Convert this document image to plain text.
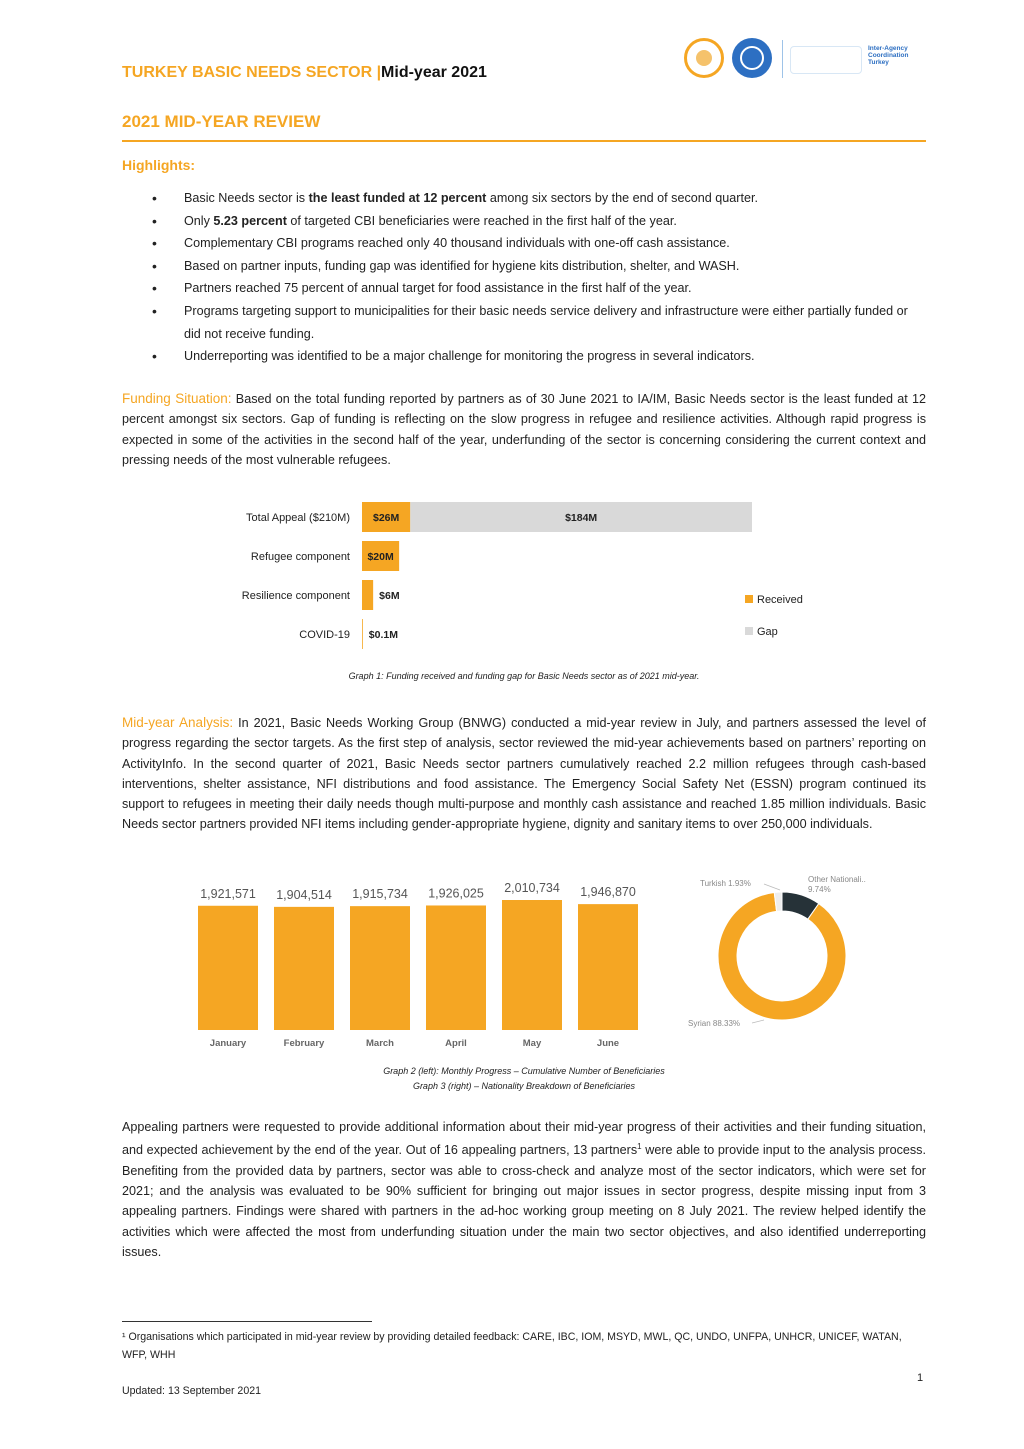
TURKEY BASIC NEEDS SECTOR |Mid-year 2021
Inter-Agency Coordination Turkey
2021 MID-YEAR REVIEW
Highlights:
• Basic Needs sector is the least funded at 12 percent among six sectors by the end of second quarter.
• Only 5.23 percent of targeted CBI beneficiaries were reached in the first half of the year.
• Complementary CBI programs reached only 40 thousand individuals with one-off cash assistance.
• Based on partner inputs, funding gap was identified for hygiene kits distribution, shelter, and WASH.
• Partners reached 75 percent of annual target for food assistance in the first half of the year.
• Programs targeting support to municipalities for their basic needs service delivery and infrastructure were either partially funded or did not receive funding.
• Underreporting was identified to be a major challenge for monitoring the progress in several indicators.
Funding Situation: Based on the total funding reported by partners as of 30 June 2021 to IA/IM, Basic Needs sector is the least funded at 12 percent amongst six sectors. Gap of funding is reflecting on the slow progress in refugee and resilience activities. Although rapid progress is expected in some of the activities in the second half of the year, underfunding of the sector is concerning considering the current context and pressing needs of the most vulnerable refugees.
Total Appeal ($210M) $26M	$184M
Refugee component $20M
Resilience component	$6M
COVID-19 $0.1M
Received
Gap
Graph 1: Funding received and funding gap for Basic Needs sector as of 2021 mid-year.
Mid-year Analysis: In 2021, Basic Needs Working Group (BNWG) conducted a mid-year review in July, and partners assessed the level of progress regarding the sector targets. As the first step of analysis, sector reviewed the mid-year achievements based on partners’ reporting on ActivityInfo. In the second quarter of 2021, Basic Needs sector partners cumulatively reached 2.2 million refugees through cash-based interventions, shelter assistance, NFI distributions and food assistance. The Emergency Social Safety Net (ESSN) program continued its support to refugees in meeting their daily needs though multi-purpose and monthly cash assistance and reached 1.85 million individuals. Basic Needs sector partners provided NFI items including gender-appropriate hygiene, dignity and sanitary items to over 250,000 individuals.
1,921,571
January
1,904,514
February
1,915,734
March
1,926,025
April
2,010,734
May
1,946,870
June
Turkish 1.93%	Other Nationali..
9.74%
Syrian 88.33%
Graph 2 (left): Monthly Progress – Cumulative Number of Beneficiaries
Graph 3 (right) – Nationality Breakdown of Beneficiaries
Appealing partners were requested to provide additional information about their mid-year progress of their activities and their funding situation, and expected achievement by the end of the year. Out of 16 appealing partners, 13 partners$^1$ were able to provide input to the analysis process. Benefiting from the provided data by partners, sector was able to cross-check and analyze most of the sector indicators, which were set for 2021; and the analysis was evaluated to be 90% sufficient for bringing out major issues in sector progress, despite missing input from 3 appealing partners. Findings were shared with partners in the ad-hoc working group meeting on 8 July 2021. The review helped identify the activities which were affected the most from underfunding situation under the main two sector objectives, and also identified underreporting issues.
¹ Organisations which participated in mid-year review by providing detailed feedback: CARE, IBC, IOM, MSYD, MWL, QC, UNDO, UNFPA, UNHCR, UNICEF, WATAN, WFP, WHH
1
Updated: 13 September 2021
